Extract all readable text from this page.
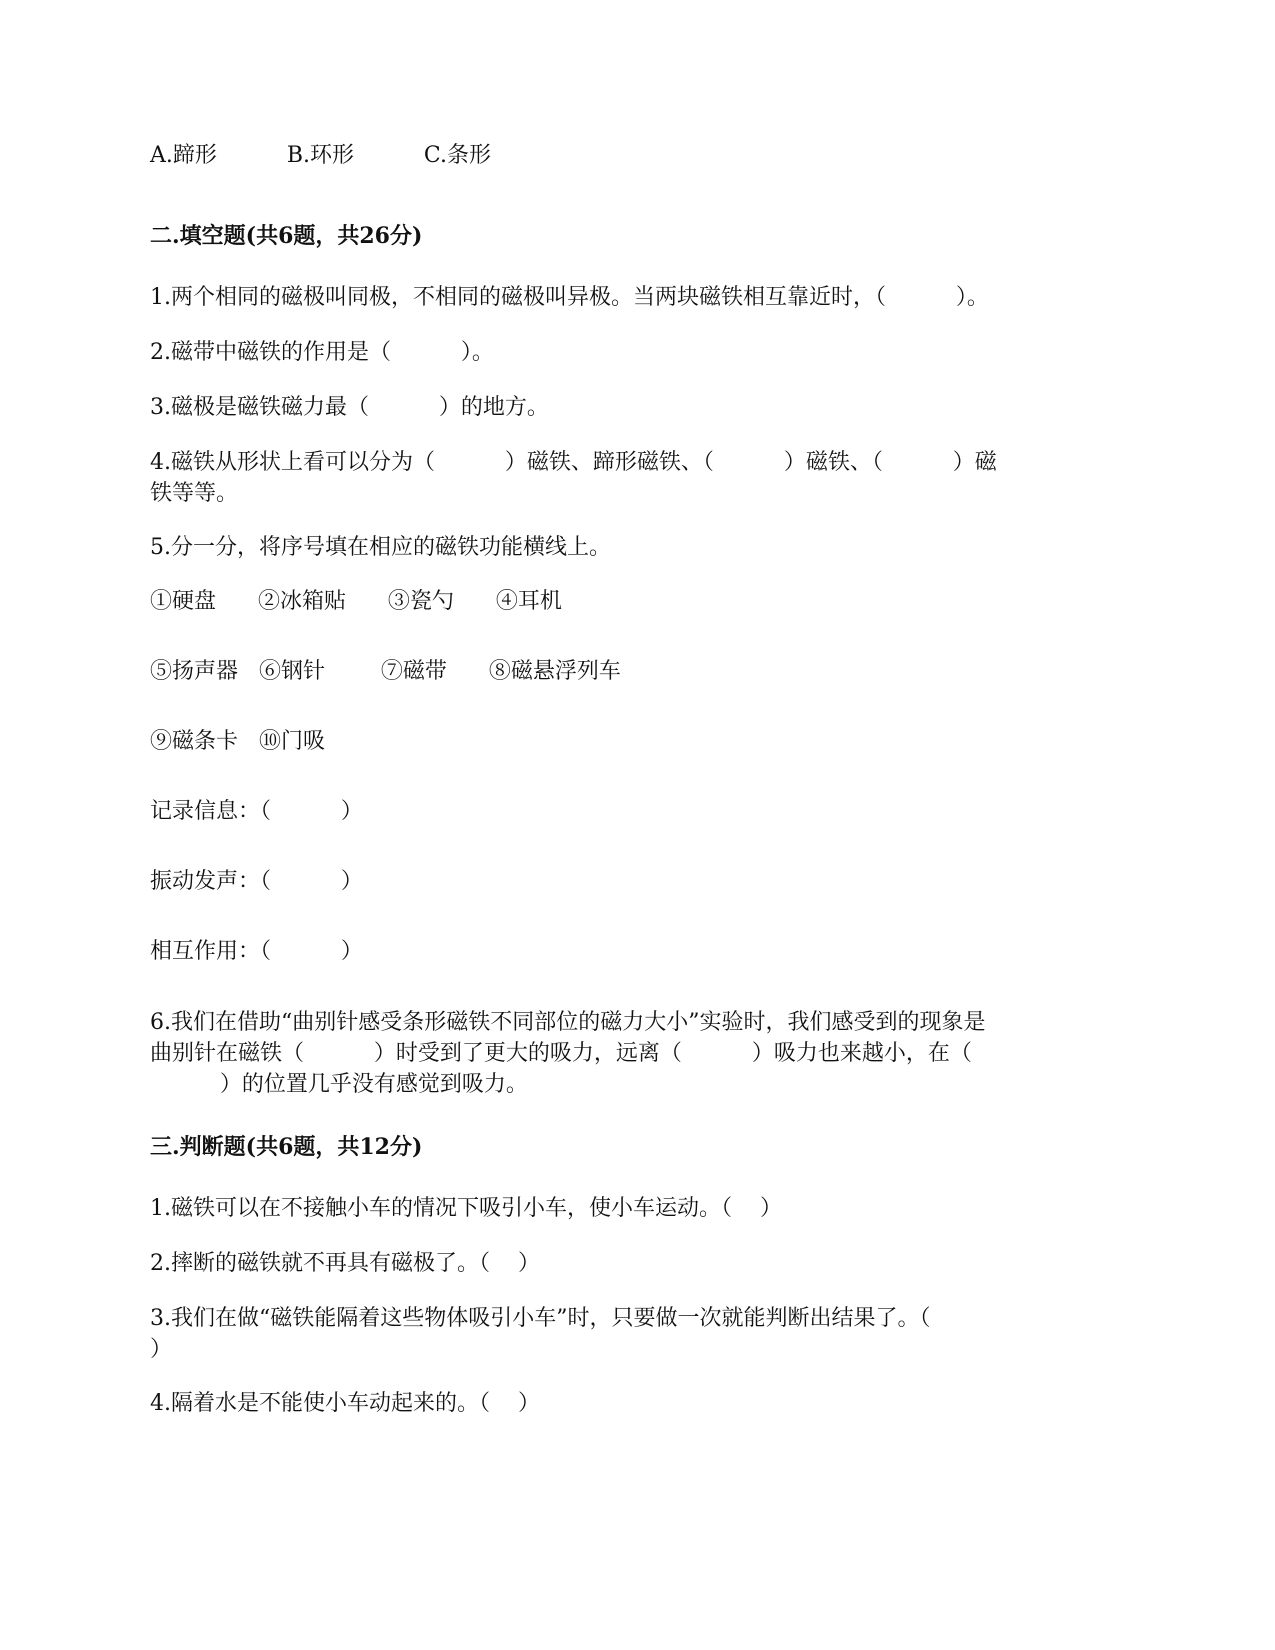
A.蹄形          B.环形          C.条形
二.填空题(共6题，共26分)
1.两个相同的磁极叫同极，不相同的磁极叫异极。当两块磁铁相互靠近时，（          ）。
2.磁带中磁铁的作用是（          ）。
3.磁极是磁铁磁力最（          ）的地方。
4.磁铁从形状上看可以分为（          ）磁铁、蹄形磁铁、（          ）磁铁、（          ）磁
铁等等。
5.分一分，将序号填在相应的磁铁功能横线上。
①硬盘      ②冰箱贴      ③瓷勺      ④耳机
⑤扬声器   ⑥钢针        ⑦磁带      ⑧磁悬浮列车
⑨磁条卡   ⑩门吸
记录信息：（          ）
振动发声：（          ）
相互作用：（          ）
6.我们在借助“曲别针感受条形磁铁不同部位的磁力大小”实验时，我们感受到的现象是
曲别针在磁铁（          ）时受到了更大的吸力，远离（          ）吸力也来越小，在（
）的位置几乎没有感觉到吸力。
三.判断题(共6题，共12分)
1.磁铁可以在不接触小车的情况下吸引小车，使小车运动。（    ）
2.摔断的磁铁就不再具有磁极了。（    ）
3.我们在做“磁铁能隔着这些物体吸引小车”时，只要做一次就能判断出结果了。（
）
4.隔着水是不能使小车动起来的。（    ）
